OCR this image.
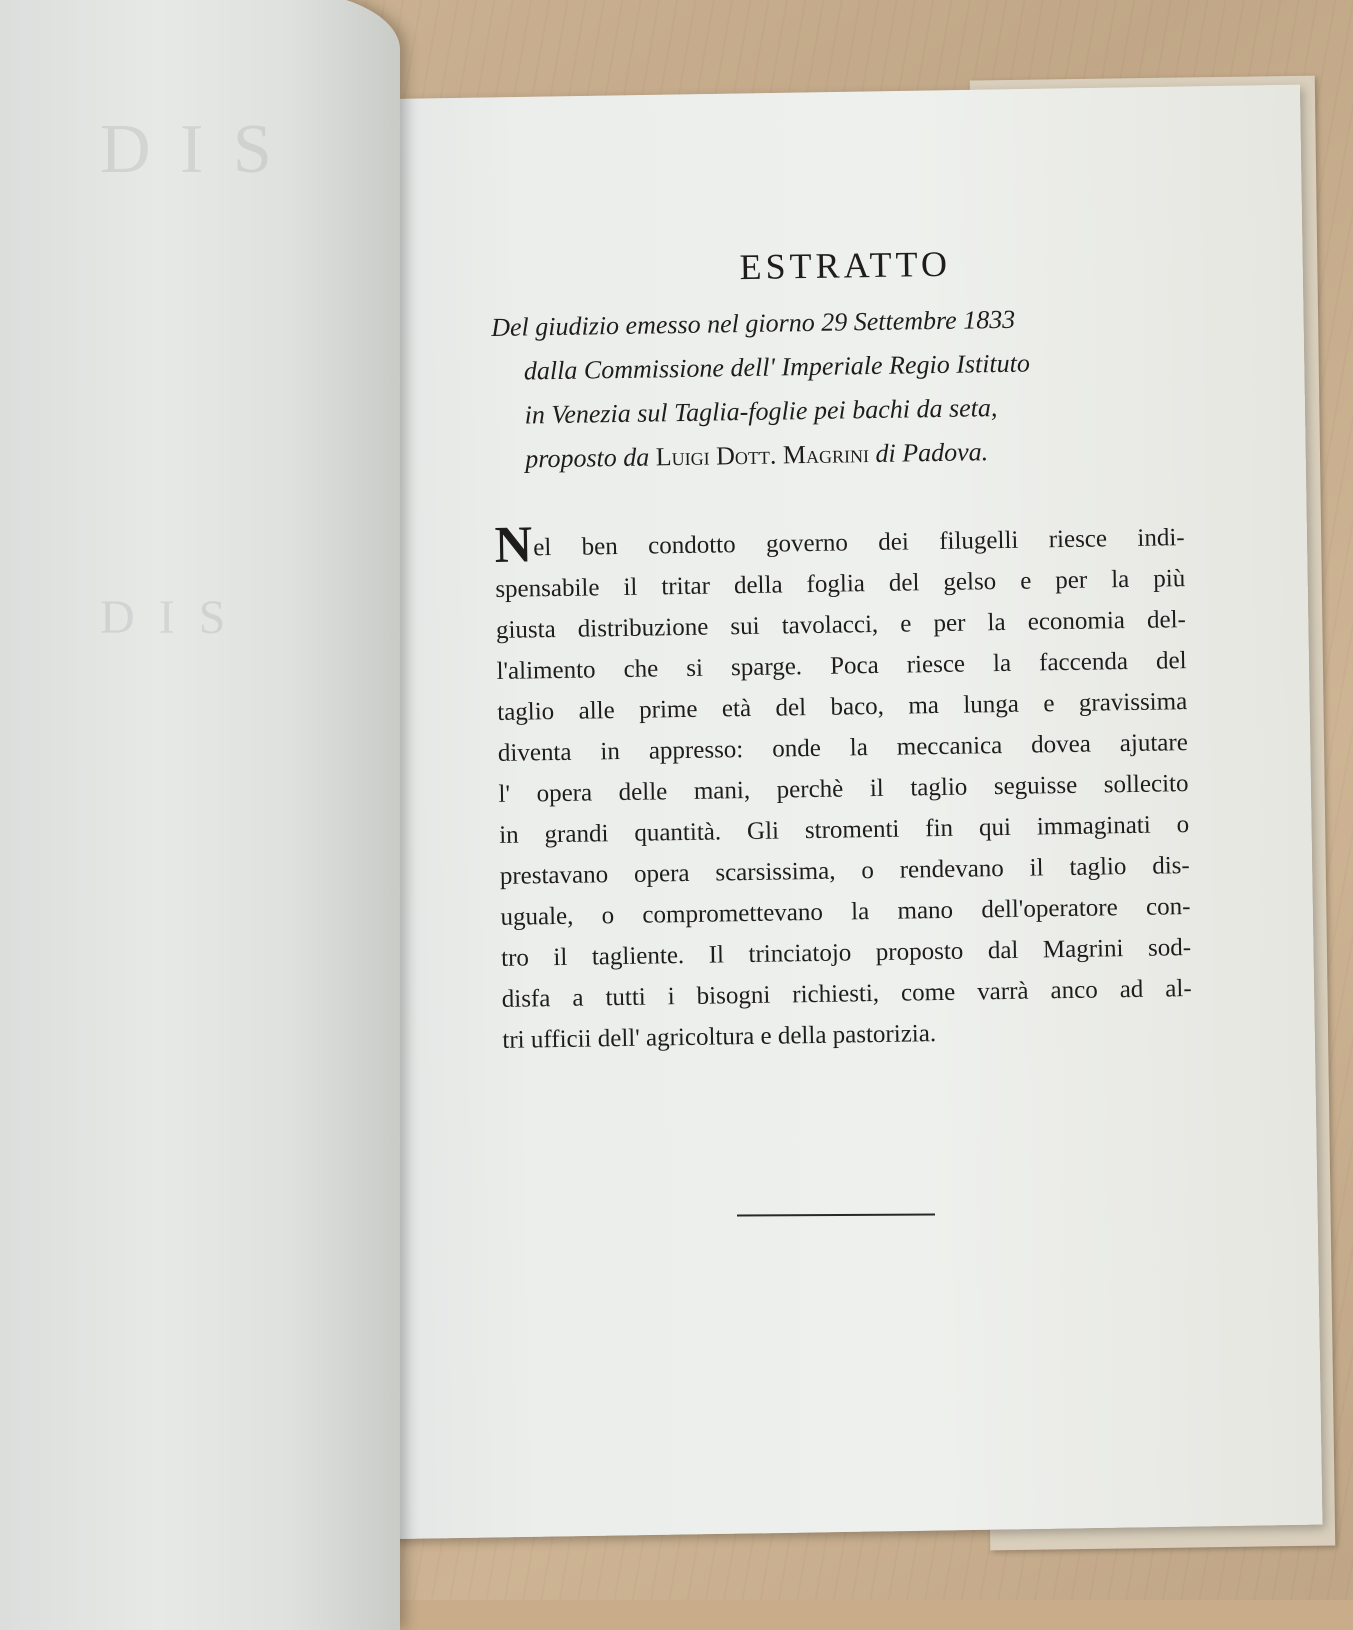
D I S
D I S
ESTRATTO

Del giudizio emesso nel giorno 29 Settembre 1833
dalla Commissione dell' Imperiale Regio Istituto
in Venezia sul Taglia-foglie pei bachi da seta,
proposto da Luigi Dott. Magrini di Padova.

Nel ben condotto governo dei filugelli riesce indi-
spensabile il tritar della foglia del gelso e per la più
giusta distribuzione sui tavolacci, e per la economia del-
l'alimento che si sparge. Poca riesce la faccenda del
taglio alle prime età del baco, ma lunga e gravissima
diventa in appresso: onde la meccanica dovea ajutare
l' opera delle mani, perchè il taglio seguisse sollecito
in grandi quantità. Gli stromenti fin qui immaginati o
prestavano opera scarsissima, o rendevano il taglio dis-
uguale, o compromettevano la mano dell'operatore con-
tro il tagliente. Il trinciatojo proposto dal Magrini sod-
disfa a tutti i bisogni richiesti, come varrà anco ad al-
tri ufficii dell' agricoltura e della pastorizia.
